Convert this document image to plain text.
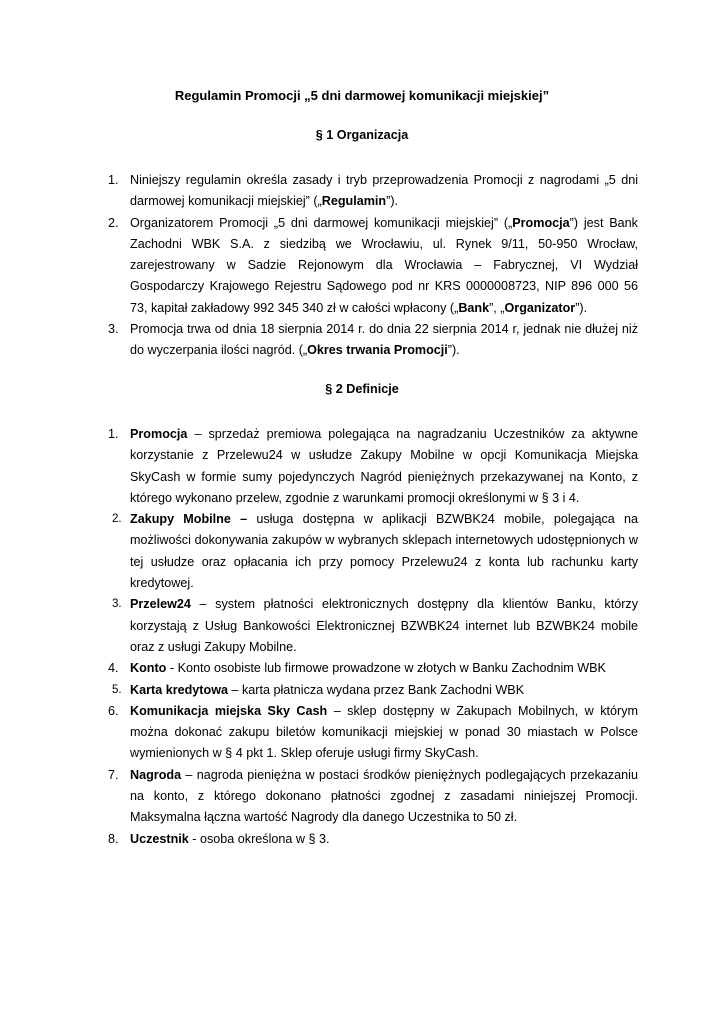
Regulamin Promocji „5 dni darmowej komunikacji miejskiej”
§ 1 Organizacja
1. Niniejszy regulamin określa zasady i tryb przeprowadzenia Promocji z nagrodami „5 dni darmowej komunikacji miejskiej” („Regulamin”).
2. Organizatorem Promocji „5 dni darmowej komunikacji miejskiej” („Promocja”) jest Bank Zachodni WBK S.A. z siedzibą we Wrocławiu, ul. Rynek 9/11, 50-950 Wrocław, zarejestrowany w Sadzie Rejonowym dla Wrocławia – Fabrycznej, VI Wydział Gospodarczy Krajowego Rejestru Sądowego pod nr KRS 0000008723, NIP 896 000 56 73, kapitał zakładowy 992 345 340 zł w całości wpłacony („Bank”, „Organizator”).
3. Promocja trwa od dnia 18 sierpnia 2014 r. do dnia 22 sierpnia 2014 r, jednak nie dłużej niż do wyczerpania ilości nagród. („Okres trwania Promocji”).
§ 2 Definicje
1. Promocja – sprzedaż premiowa polegająca na nagradzaniu Uczestników za aktywne korzystanie z Przelewu24 w usłudze Zakupy Mobilne w opcji Komunikacja Miejska SkyCash w formie sumy pojedynczych Nagród pieniężnych przekazywanej na Konto, z którego wykonano przelew, zgodnie z warunkami promocji określonymi w § 3 i 4.
2. Zakupy Mobilne – usługa dostępna w aplikacji BZWBK24 mobile, polegająca na możliwości dokonywania zakupów w wybranych sklepach internetowych udostępnionych w tej usłudze oraz opłacania ich przy pomocy Przelewu24 z konta lub rachunku karty kredytowej.
3. Przelew24 – system płatności elektronicznych dostępny dla klientów Banku, którzy korzystają z Usług Bankowości Elektronicznej BZWBK24 internet lub BZWBK24 mobile oraz z usługi Zakupy Mobilne.
4. Konto - Konto osobiste lub firmowe prowadzone w złotych w Banku Zachodnim WBK
5. Karta kredytowa – karta płatnicza wydana przez Bank Zachodni WBK
6. Komunikacja miejska Sky Cash – sklep dostępny w Zakupach Mobilnych, w którym można dokonać zakupu biletów komunikacji miejskiej w ponad 30 miastach w Polsce wymienionych w § 4 pkt 1. Sklep oferuje usługi firmy SkyCash.
7. Nagroda – nagroda pieniężna w postaci środków pieniężnych podlegających przekazaniu na konto, z którego dokonano płatności zgodnej z zasadami niniejszej Promocji. Maksymalna łączna wartość Nagrody dla danego Uczestnika to 50 zł.
8. Uczestnik - osoba określona w § 3.
